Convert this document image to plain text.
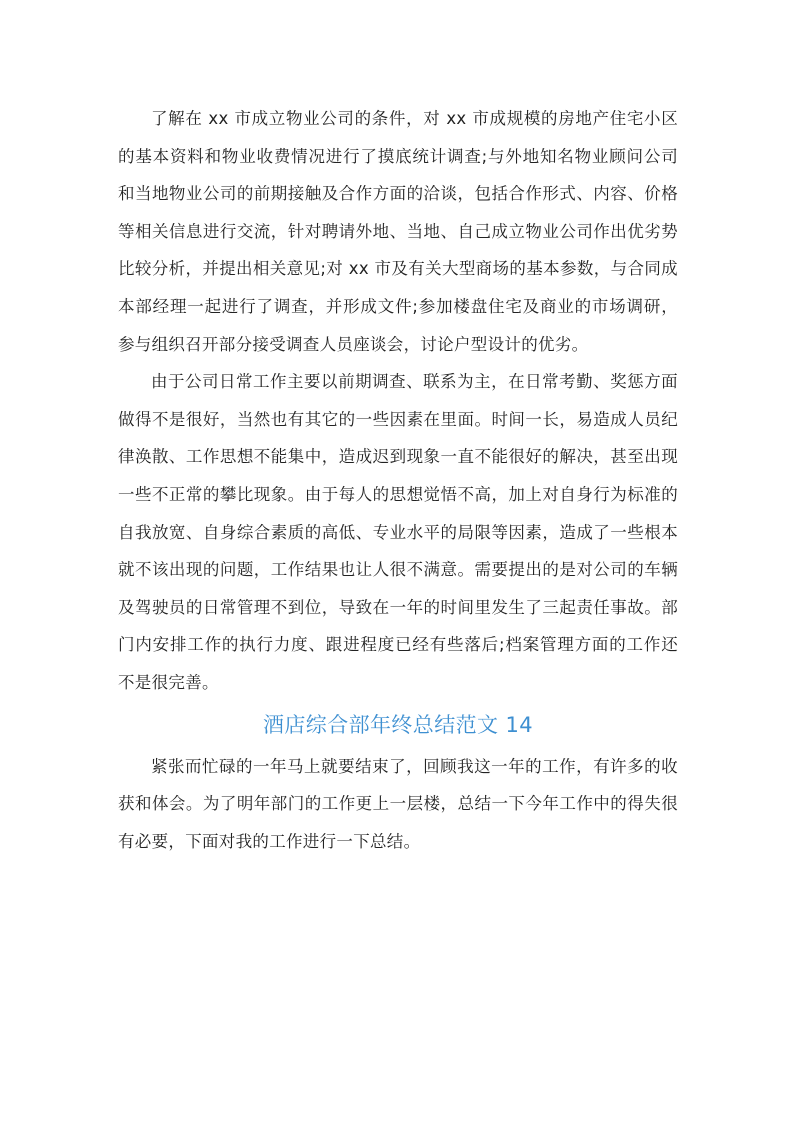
了解在 xx 市成立物业公司的条件，对 xx 市成规模的房地产住宅小区的基本资料和物业收费情况进行了摸底统计调查;与外地知名物业顾问公司和当地物业公司的前期接触及合作方面的洽谈，包括合作形式、内容、价格等相关信息进行交流，针对聘请外地、当地、自己成立物业公司作出优劣势比较分析，并提出相关意见;对 xx 市及有关大型商场的基本参数，与合同成本部经理一起进行了调查，并形成文件;参加楼盘住宅及商业的市场调研，参与组织召开部分接受调查人员座谈会，讨论户型设计的优劣。

由于公司日常工作主要以前期调查、联系为主，在日常考勤、奖惩方面做得不是很好，当然也有其它的一些因素在里面。时间一长，易造成人员纪律涣散、工作思想不能集中，造成迟到现象一直不能很好的解决，甚至出现一些不正常的攀比现象。由于每人的思想觉悟不高，加上对自身行为标准的自我放宽、自身综合素质的高低、专业水平的局限等因素，造成了一些根本就不该出现的问题，工作结果也让人很不满意。需要提出的是对公司的车辆及驾驶员的日常管理不到位，导致在一年的时间里发生了三起责任事故。部门内安排工作的执行力度、跟进程度已经有些落后;档案管理方面的工作还不是很完善。

酒店综合部年终总结范文 14

紧张而忙碌的一年马上就要结束了，回顾我这一年的工作，有许多的收获和体会。为了明年部门的工作更上一层楼，总结一下今年工作中的得失很有必要，下面对我的工作进行一下总结。
